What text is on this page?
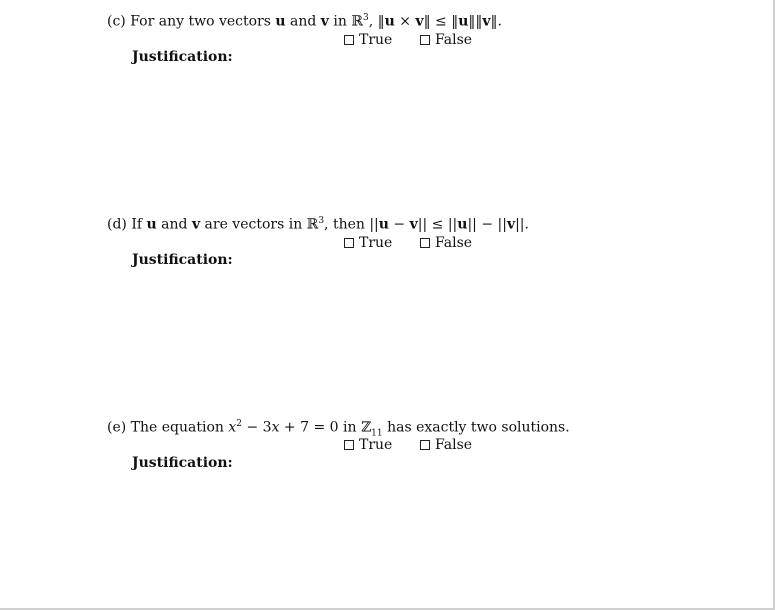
(c) For any two vectors u and v in ℝ$^3$, ‖u × v‖ ≤ ‖u‖‖v‖.
True	False
Justification:
(d) If u and v are vectors in ℝ$^3$, then ||u − v|| ≤ ||u|| − ||v||.
True	False
Justification:
(e) The equation $x^2 - 3x + 7 = 0$ in ℤ$_{11}$ has exactly two solutions.
True	False
Justification:
